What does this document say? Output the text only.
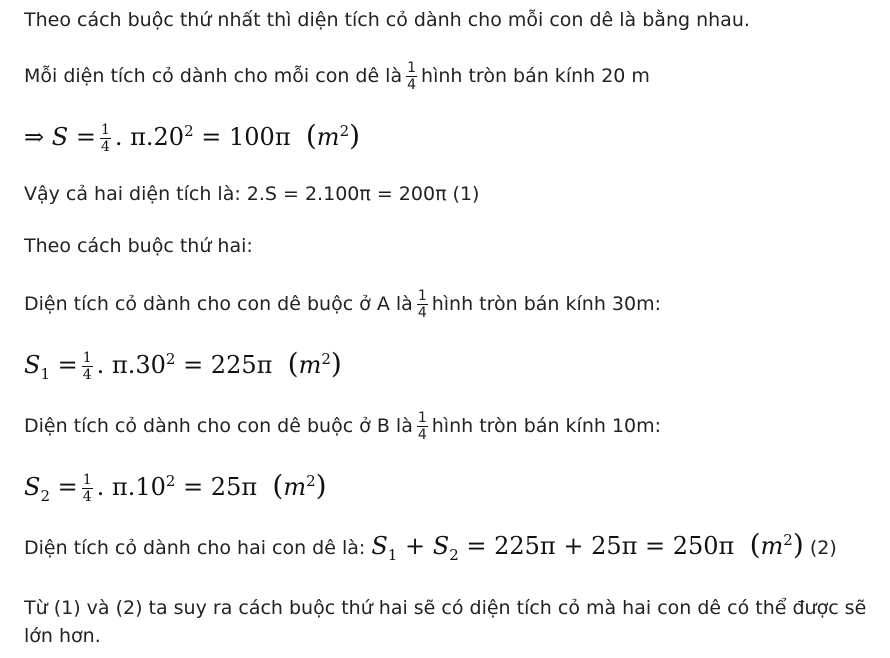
Theo cách buộc thứ nhất thì diện tích cỏ dành cho mỗi con dê là bằng nhau.
Mỗi diện tích cỏ dành cho mỗi con dê là $\frac{1}{4}$ hình tròn bán kính 20 m
⇒ $S = \frac{1}{4}$ . $\pi.20^2 = 100\pi$ $(m^2)$
Vậy cả hai diện tích là: 2.S = 2.100π = 200π (1)
Theo cách buộc thứ hai:
Diện tích cỏ dành cho con dê buộc ở A là $\frac{1}{4}$ hình tròn bán kính 30m:
$S_1 = \frac{1}{4}$ . $\pi.30^2 = 225\pi$ $(m^2)$
Diện tích cỏ dành cho con dê buộc ở B là $\frac{1}{4}$ hình tròn bán kính 10m:
$S_2 = \frac{1}{4}$ . $\pi.10^2 = 25\pi$ $(m^2)$
Diện tích cỏ dành cho hai con dê là: $S_1 + S_2 = 225\pi + 25\pi = 250\pi$ $(m^2)$ (2)
Từ (1) và (2) ta suy ra cách buộc thứ hai sẽ có diện tích cỏ mà hai con dê có thể được sẽ lớn hơn.
